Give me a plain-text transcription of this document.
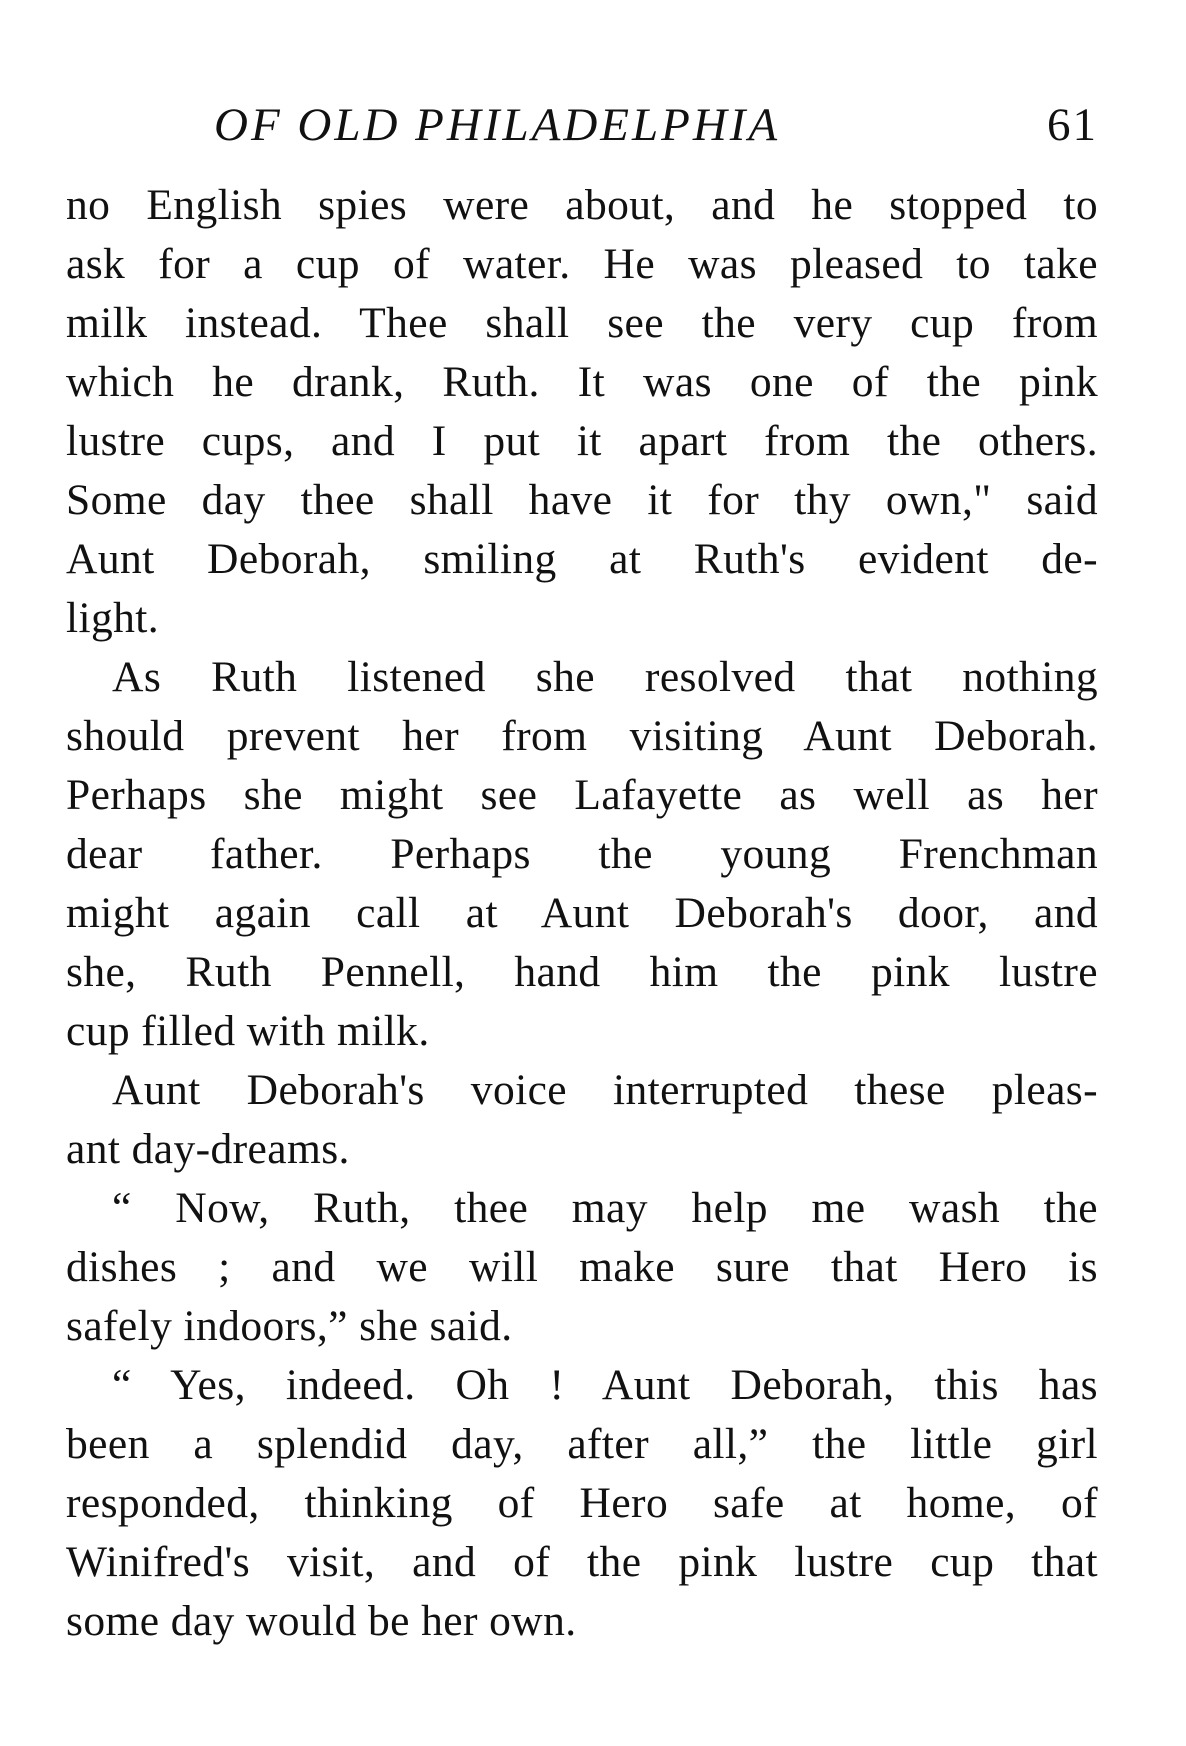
OF OLD PHILADELPHIA	61
no English spies were about, and he stopped to
ask for a cup of water. He was pleased to take
milk instead. Thee shall see the very cup from
which he drank, Ruth. It was one of the pink
lustre cups, and I put it apart from the others.
Some day thee shall have it for thy own," said
Aunt Deborah, smiling at Ruth's evident de-
light.
As Ruth listened she resolved that nothing
should prevent her from visiting Aunt Deborah.
Perhaps she might see Lafayette as well as her
dear father. Perhaps the young Frenchman
might again call at Aunt Deborah's door, and
she, Ruth Pennell, hand him the pink lustre
cup filled with milk.
Aunt Deborah's voice interrupted these pleas-
ant day-dreams.
“ Now, Ruth, thee may help me wash the
dishes ; and we will make sure that Hero is
safely indoors,” she said.
“ Yes, indeed. Oh ! Aunt Deborah, this has
been a splendid day, after all,” the little girl
responded, thinking of Hero safe at home, of
Winifred's visit, and of the pink lustre cup that
some day would be her own.
